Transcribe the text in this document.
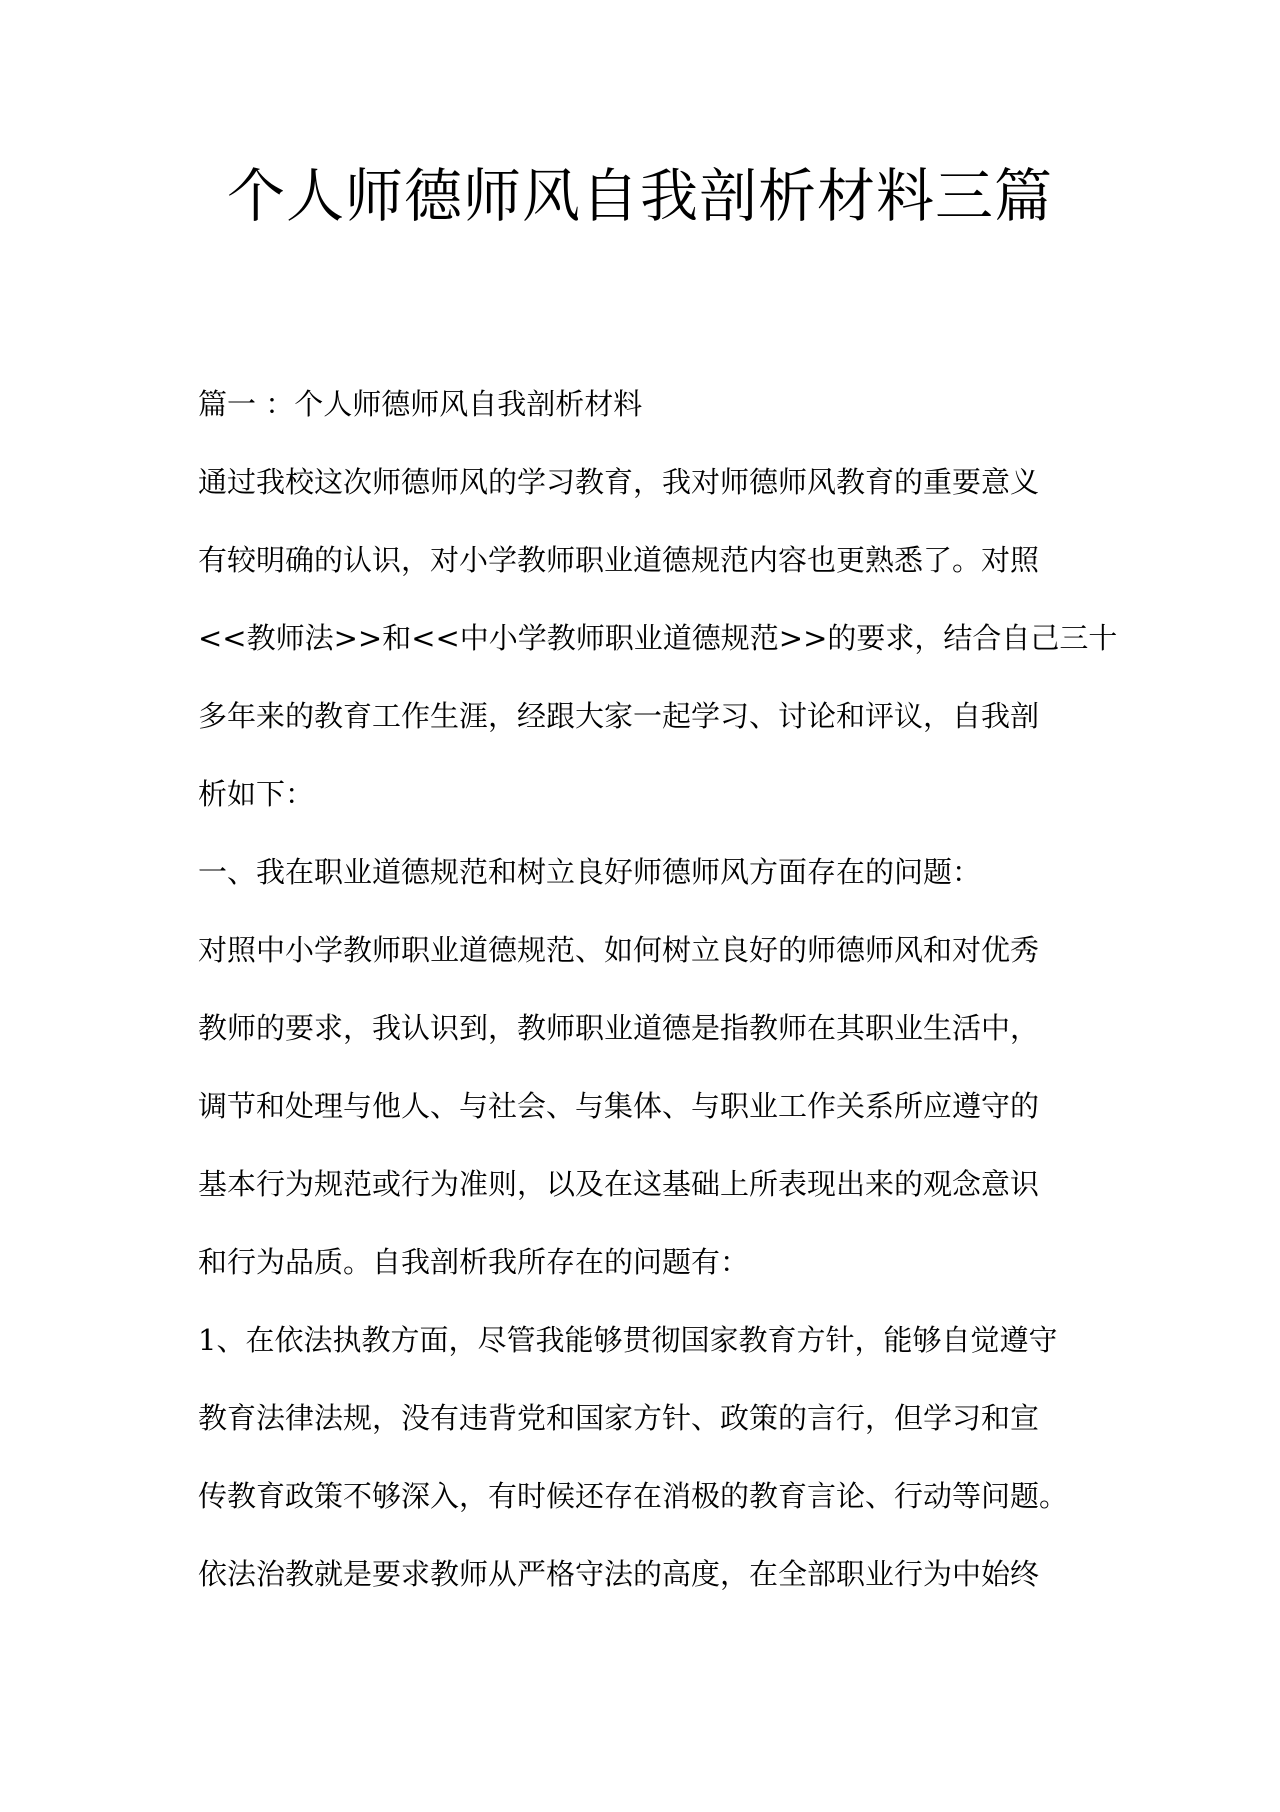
个人师德师风自我剖析材料三篇

篇一 ：个人师德师风自我剖析材料

通过我校这次师德师风的学习教育，我对师德师风教育的重要意义

有较明确的认识，对小学教师职业道德规范内容也更熟悉了。对照

<<教师法>>和<<中小学教师职业道德规范>>的要求，结合自己三十

多年来的教育工作生涯，经跟大家一起学习、讨论和评议，自我剖

析如下：

一、我在职业道德规范和树立良好师德师风方面存在的问题：

对照中小学教师职业道德规范、如何树立良好的师德师风和对优秀

教师的要求，我认识到，教师职业道德是指教师在其职业生活中，

调节和处理与他人、与社会、与集体、与职业工作关系所应遵守的

基本行为规范或行为准则，以及在这基础上所表现出来的观念意识

和行为品质。自我剖析我所存在的问题有：

1、在依法执教方面，尽管我能够贯彻国家教育方针，能够自觉遵守

教育法律法规，没有违背党和国家方针、政策的言行，但学习和宣

传教育政策不够深入，有时候还存在消极的教育言论、行动等问题。

依法治教就是要求教师从严格守法的高度，在全部职业行为中始终
